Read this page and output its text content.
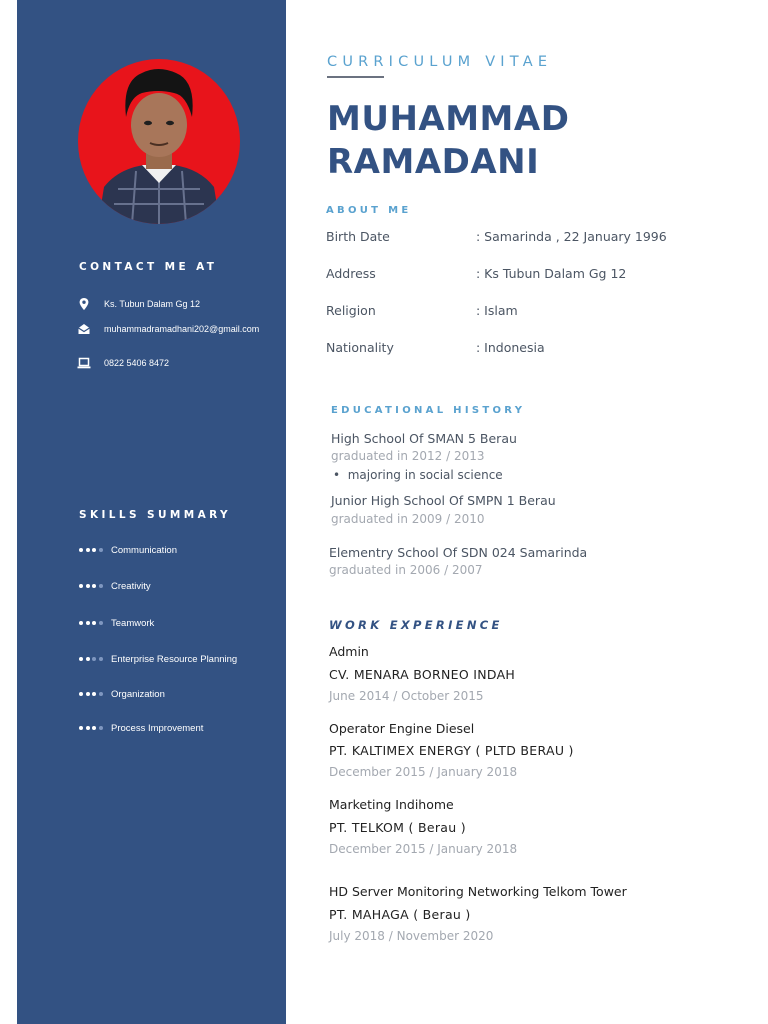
CONTACT ME AT
Ks. Tubun Dalam Gg 12
muhammadramadhani202@gmail.com
0822 5406 8472
SKILLS SUMMARY
Communication
Creativity
Teamwork
Enterprise Resource Planning
Organization
Process Improvement
CURRICULUM VITAE
MUHAMMAD
RAMADANI
ABOUT ME
Birth Date	: Samarinda , 22 January 1996
Address	: Ks Tubun Dalam Gg 12
Religion	: Islam
Nationality	: Indonesia
EDUCATIONAL HISTORY
High School Of SMAN 5 Berau
graduated in 2012 / 2013
•  majoring in social science
Junior High School Of SMPN 1 Berau
graduated in 2009 / 2010
Elementry School Of SDN 024 Samarinda
graduated in 2006 / 2007
WORK EXPERIENCE
Admin
CV. MENARA BORNEO INDAH
June 2014 / October 2015
Operator Engine Diesel
PT. KALTIMEX ENERGY ( PLTD BERAU )
December 2015 / January 2018
Marketing Indihome
PT. TELKOM ( Berau )
December 2015 / January 2018
HD Server Monitoring Networking Telkom Tower
PT. MAHAGA ( Berau )
July 2018 / November 2020
